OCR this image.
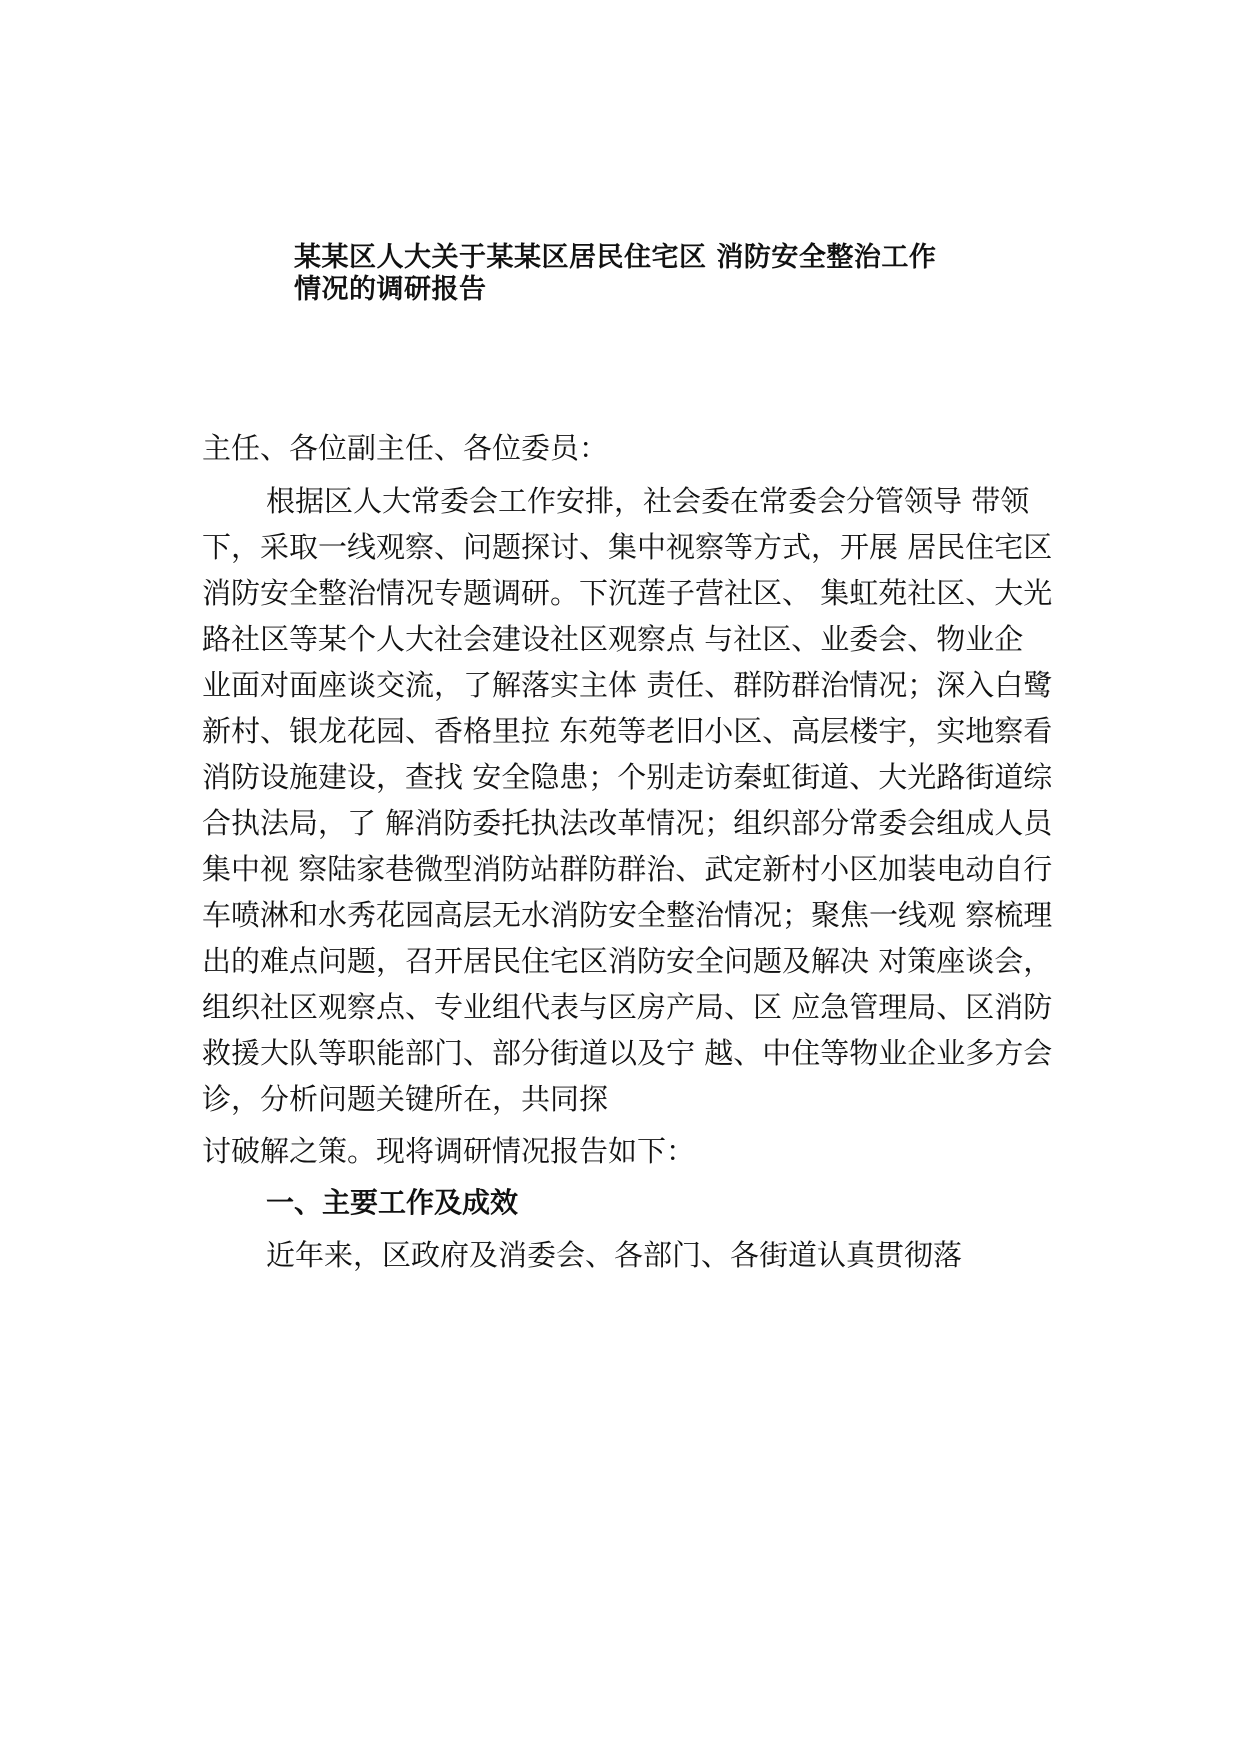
某某区人大关于某某区居民住宅区 消防安全整治工作
情况的调研报告
主任、各位副主任、各位委员：
根据区人大常委会工作安排，社会委在常委会分管领导 带领
下，采取一线观察、问题探讨、集中视察等方式，开展 居民住宅区
消防安全整治情况专题调研。下沉莲子营社区、 集虹苑社区、大光
路社区等某个人大社会建设社区观察点 与社区、业委会、物业企
业面对面座谈交流，了解落实主体 责任、群防群治情况；深入白鹭
新村、银龙花园、香格里拉 东苑等老旧小区、高层楼宇，实地察看
消防设施建设，查找 安全隐患；个别走访秦虹街道、大光路街道综
合执法局，了 解消防委托执法改革情况；组织部分常委会组成人员
集中视 察陆家巷微型消防站群防群治、武定新村小区加装电动自行
车喷淋和水秀花园高层无水消防安全整治情况；聚焦一线观 察梳理
出的难点问题，召开居民住宅区消防安全问题及解决 对策座谈会，
组织社区观察点、专业组代表与区房产局、区 应急管理局、区消防
救援大队等职能部门、部分街道以及宁 越、中住等物业企业多方会
诊，分析问题关键所在，共同探
讨破解之策。现将调研情况报告如下：
一、主要工作及成效
近年来，区政府及消委会、各部门、各街道认真贯彻落
